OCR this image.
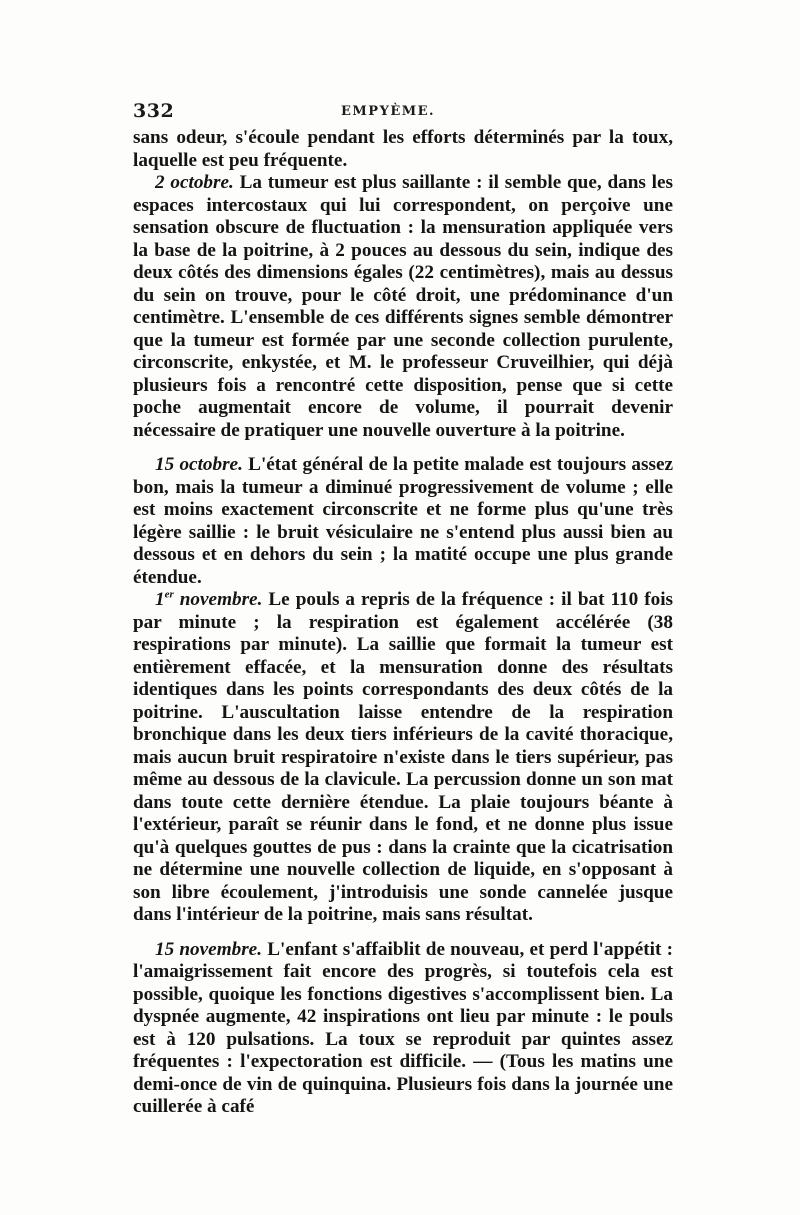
332	EMPYÈME.

sans odeur, s'écoule pendant les efforts déterminés par la toux, laquelle est peu fréquente.

2 octobre. La tumeur est plus saillante : il semble que, dans les espaces intercostaux qui lui correspondent, on perçoive une sensation obscure de fluctuation : la mensuration appliquée vers la base de la poitrine, à 2 pouces au dessous du sein, indique des deux côtés des dimensions égales (22 centimètres), mais au dessus du sein on trouve, pour le côté droit, une prédominance d'un centimètre. L'ensemble de ces différents signes semble démontrer que la tumeur est formée par une seconde collection purulente, circonscrite, enkystée, et M. le professeur Cruveilhier, qui déjà plusieurs fois a rencontré cette disposition, pense que si cette poche augmentait encore de volume, il pourrait devenir nécessaire de pratiquer une nouvelle ouverture à la poitrine.

15 octobre. L'état général de la petite malade est toujours assez bon, mais la tumeur a diminué progressivement de volume ; elle est moins exactement circonscrite et ne forme plus qu'une très légère saillie : le bruit vésiculaire ne s'entend plus aussi bien au dessous et en dehors du sein ; la matité occupe une plus grande étendue.

1er novembre. Le pouls a repris de la fréquence : il bat 110 fois par minute ; la respiration est également accélérée (38 respirations par minute). La saillie que formait la tumeur est entièrement effacée, et la mensuration donne des résultats identiques dans les points correspondants des deux côtés de la poitrine. L'auscultation laisse entendre de la respiration bronchique dans les deux tiers inférieurs de la cavité thoracique, mais aucun bruit respiratoire n'existe dans le tiers supérieur, pas même au dessous de la clavicule. La percussion donne un son mat dans toute cette dernière étendue. La plaie toujours béante à l'extérieur, paraît se réunir dans le fond, et ne donne plus issue qu'à quelques gouttes de pus : dans la crainte que la cicatrisation ne détermine une nouvelle collection de liquide, en s'opposant à son libre écoulement, j'introduisis une sonde cannelée jusque dans l'intérieur de la poitrine, mais sans résultat.

15 novembre. L'enfant s'affaiblit de nouveau, et perd l'appétit : l'amaigrissement fait encore des progrès, si toutefois cela est possible, quoique les fonctions digestives s'accomplissent bien. La dyspnée augmente, 42 inspirations ont lieu par minute : le pouls est à 120 pulsations. La toux se reproduit par quintes assez fréquentes : l'expectoration est difficile. — (Tous les matins une demi-once de vin de quinquina. Plusieurs fois dans la journée une cuillerée à café
